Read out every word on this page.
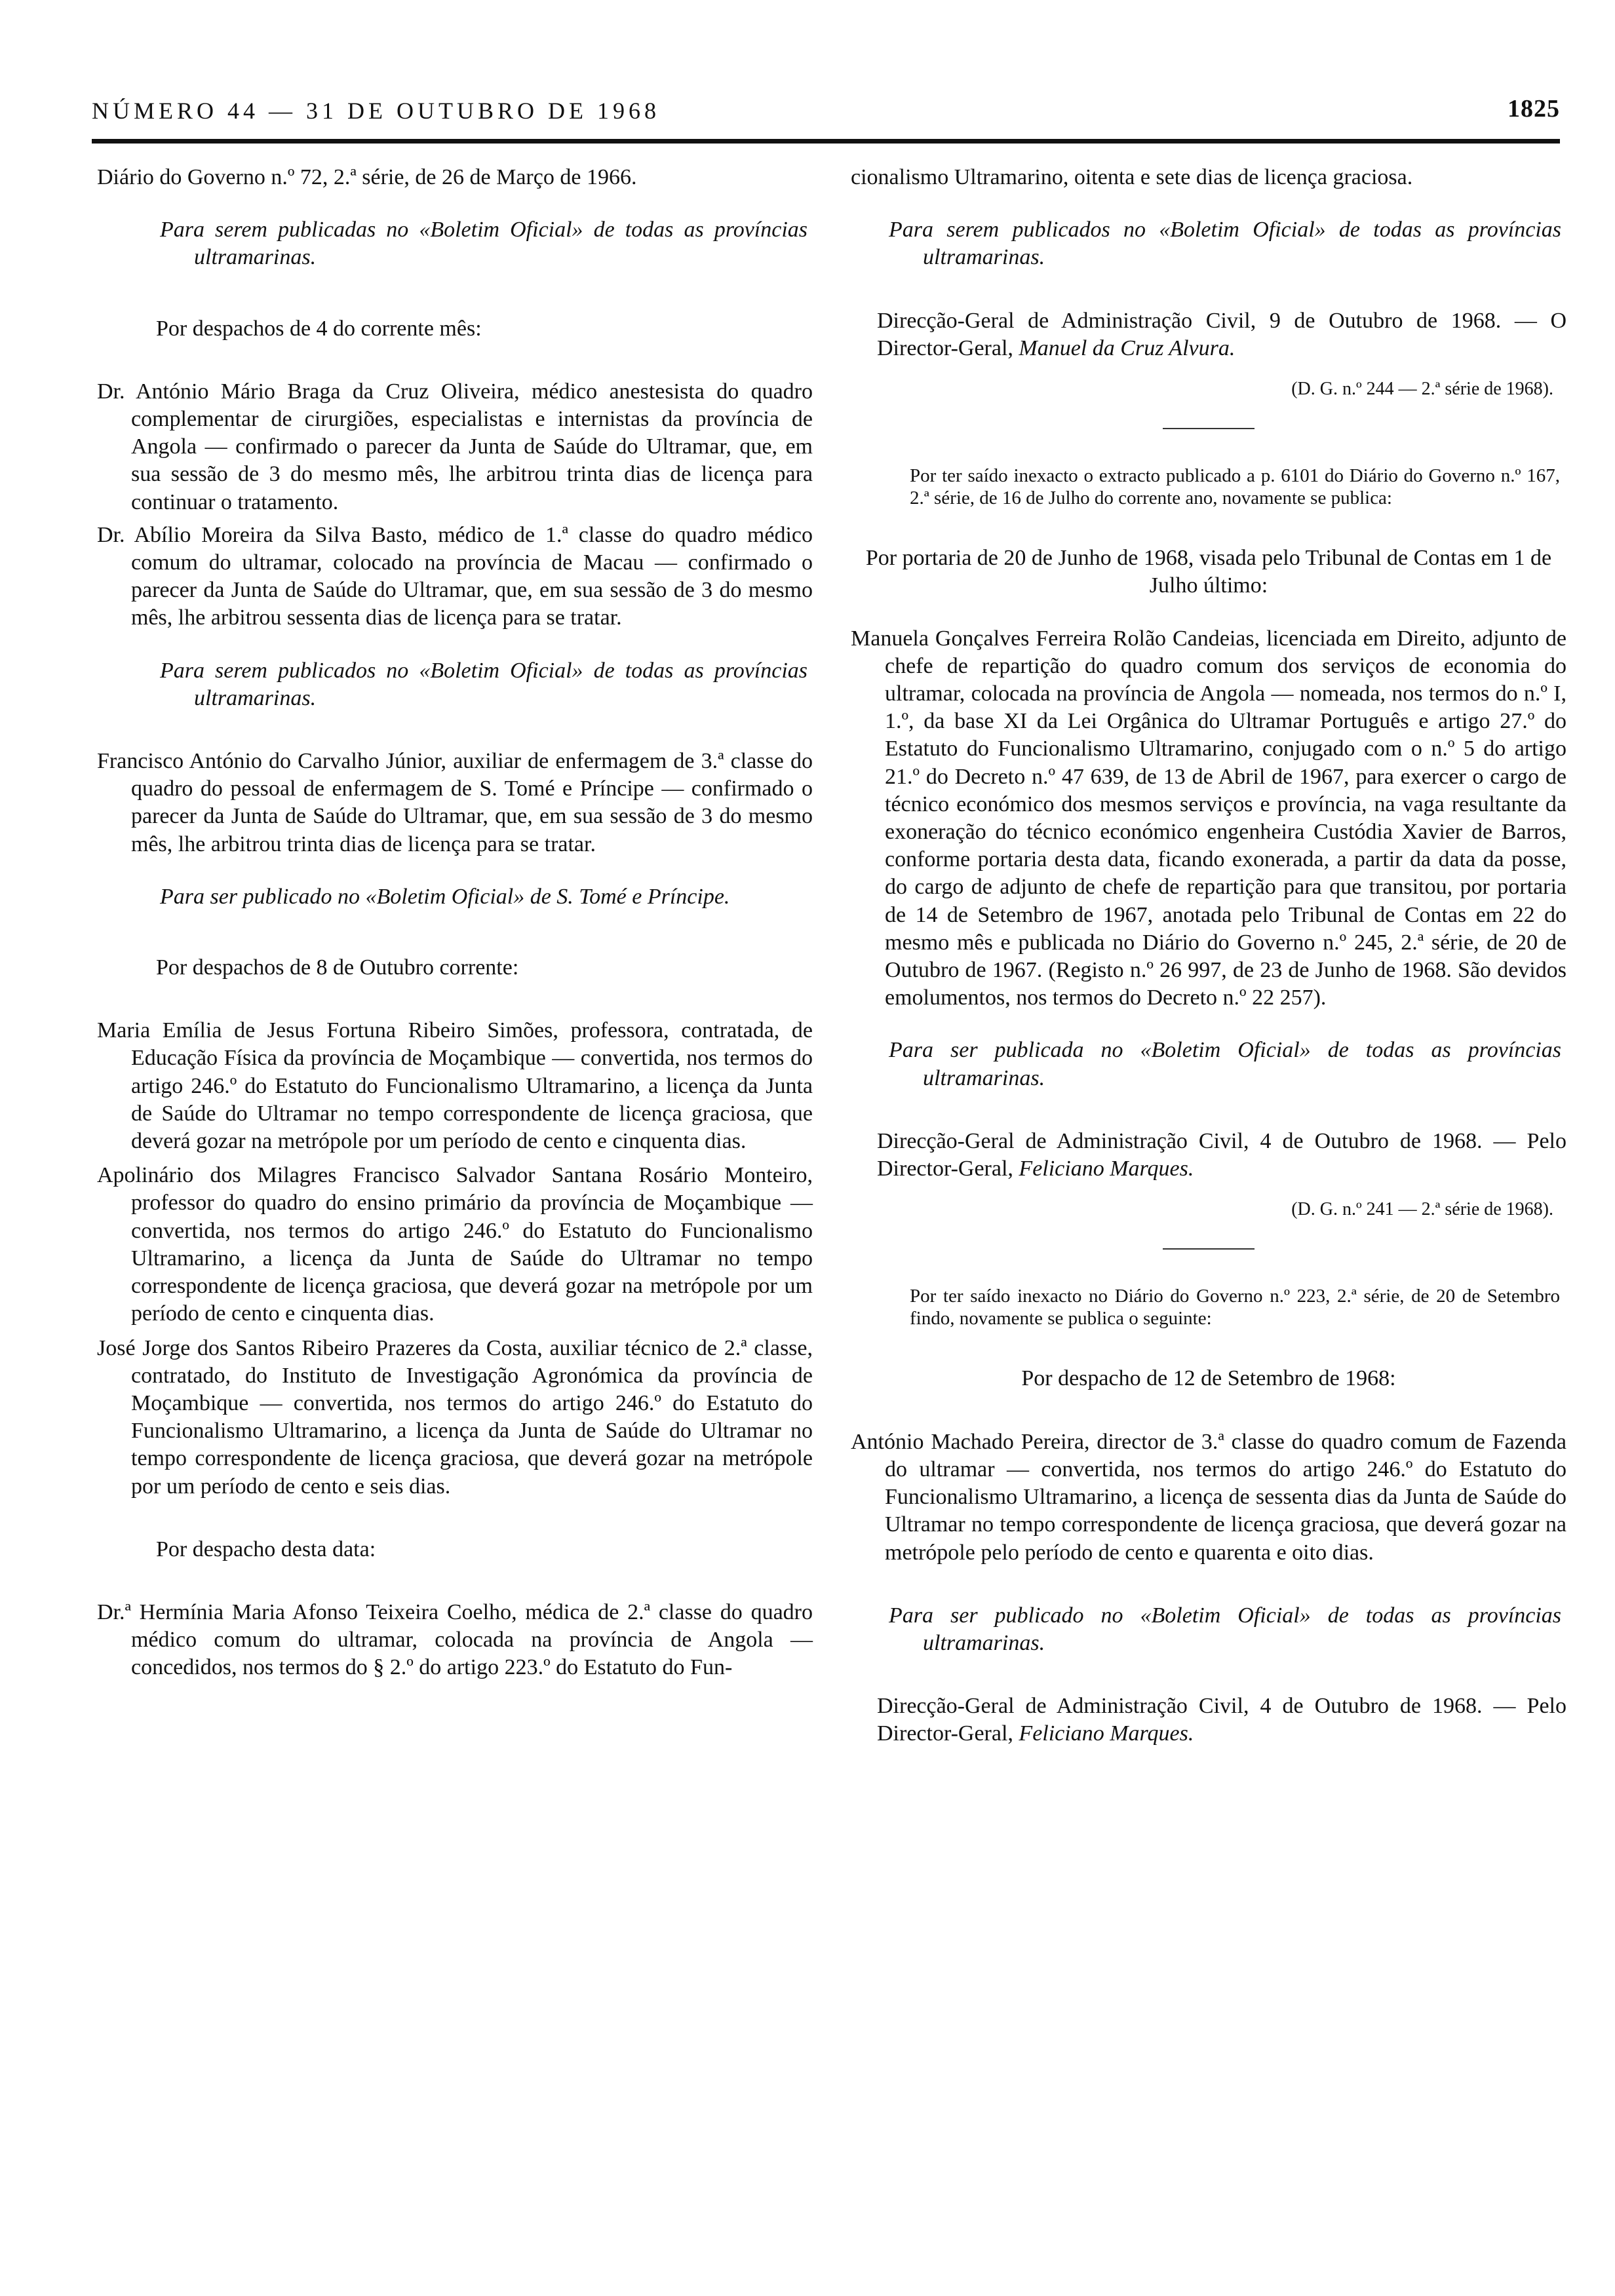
NÚMERO 44 — 31 DE OUTUBRO DE 1968	1825

Diário do Governo n.º 72, 2.ª série, de 26 de Março de 1966.

Para serem publicadas no «Boletim Oficial» de todas as províncias ultramarinas.

Por despachos de 4 do corrente mês:

Dr. António Mário Braga da Cruz Oliveira, médico anestesista do quadro complementar de cirurgiões, especialistas e internistas da província de Angola — confirmado o parecer da Junta de Saúde do Ultramar, que, em sua sessão de 3 do mesmo mês, lhe arbitrou trinta dias de licença para continuar o tratamento.

Dr. Abílio Moreira da Silva Basto, médico de 1.ª classe do quadro médico comum do ultramar, colocado na província de Macau — confirmado o parecer da Junta de Saúde do Ultramar, que, em sua sessão de 3 do mesmo mês, lhe arbitrou sessenta dias de licença para se tratar.

Para serem publicados no «Boletim Oficial» de todas as províncias ultramarinas.

Francisco António do Carvalho Júnior, auxiliar de enfermagem de 3.ª classe do quadro do pessoal de enfermagem de S. Tomé e Príncipe — confirmado o parecer da Junta de Saúde do Ultramar, que, em sua sessão de 3 do mesmo mês, lhe arbitrou trinta dias de licença para se tratar.

Para ser publicado no «Boletim Oficial» de S. Tomé e Príncipe.

Por despachos de 8 de Outubro corrente:

Maria Emília de Jesus Fortuna Ribeiro Simões, professora, contratada, de Educação Física da província de Moçambique — convertida, nos termos do artigo 246.º do Estatuto do Funcionalismo Ultramarino, a licença da Junta de Saúde do Ultramar no tempo correspondente de licença graciosa, que deverá gozar na metrópole por um período de cento e cinquenta dias.

Apolinário dos Milagres Francisco Salvador Santana Rosário Monteiro, professor do quadro do ensino primário da província de Moçambique — convertida, nos termos do artigo 246.º do Estatuto do Funcionalismo Ultramarino, a licença da Junta de Saúde do Ultramar no tempo correspondente de licença graciosa, que deverá gozar na metrópole por um período de cento e cinquenta dias.

José Jorge dos Santos Ribeiro Prazeres da Costa, auxiliar técnico de 2.ª classe, contratado, do Instituto de Investigação Agronómica da província de Moçambique — convertida, nos termos do artigo 246.º do Estatuto do Funcionalismo Ultramarino, a licença da Junta de Saúde do Ultramar no tempo correspondente de licença graciosa, que deverá gozar na metrópole por um período de cento e seis dias.

Por despacho desta data:

Dr.ª Hermínia Maria Afonso Teixeira Coelho, médica de 2.ª classe do quadro médico comum do ultramar, colocada na província de Angola — concedidos, nos termos do § 2.º do artigo 223.º do Estatuto do Fun-

cionalismo Ultramarino, oitenta e sete dias de licença graciosa.

Para serem publicados no «Boletim Oficial» de todas as províncias ultramarinas.

Direcção-Geral de Administração Civil, 9 de Outubro de 1968. — O Director-Geral, Manuel da Cruz Alvura.

(D. G. n.º 244 — 2.ª série de 1968).

Por ter saído inexacto o extracto publicado a p. 6101 do Diário do Governo n.º 167, 2.ª série, de 16 de Julho do corrente ano, novamente se publica:

Por portaria de 20 de Junho de 1968, visada pelo Tribunal de Contas em 1 de Julho último:

Manuela Gonçalves Ferreira Rolão Candeias, licenciada em Direito, adjunto de chefe de repartição do quadro comum dos serviços de economia do ultramar, colocada na província de Angola — nomeada, nos termos do n.º I, 1.º, da base XI da Lei Orgânica do Ultramar Português e artigo 27.º do Estatuto do Funcionalismo Ultramarino, conjugado com o n.º 5 do artigo 21.º do Decreto n.º 47 639, de 13 de Abril de 1967, para exercer o cargo de técnico económico dos mesmos serviços e província, na vaga resultante da exoneração do técnico económico engenheira Custódia Xavier de Barros, conforme portaria desta data, ficando exonerada, a partir da data da posse, do cargo de adjunto de chefe de repartição para que transitou, por portaria de 14 de Setembro de 1967, anotada pelo Tribunal de Contas em 22 do mesmo mês e publicada no Diário do Governo n.º 245, 2.ª série, de 20 de Outubro de 1967. (Registo n.º 26 997, de 23 de Junho de 1968. São devidos emolumentos, nos termos do Decreto n.º 22 257).

Para ser publicada no «Boletim Oficial» de todas as províncias ultramarinas.

Direcção-Geral de Administração Civil, 4 de Outubro de 1968. — Pelo Director-Geral, Feliciano Marques.

(D. G. n.º 241 — 2.ª série de 1968).

Por ter saído inexacto no Diário do Governo n.º 223, 2.ª série, de 20 de Setembro findo, novamente se publica o seguinte:

Por despacho de 12 de Setembro de 1968:

António Machado Pereira, director de 3.ª classe do quadro comum de Fazenda do ultramar — convertida, nos termos do artigo 246.º do Estatuto do Funcionalismo Ultramarino, a licença de sessenta dias da Junta de Saúde do Ultramar no tempo correspondente de licença graciosa, que deverá gozar na metrópole pelo período de cento e quarenta e oito dias.

Para ser publicado no «Boletim Oficial» de todas as províncias ultramarinas.

Direcção-Geral de Administração Civil, 4 de Outubro de 1968. — Pelo Director-Geral, Feliciano Marques.
